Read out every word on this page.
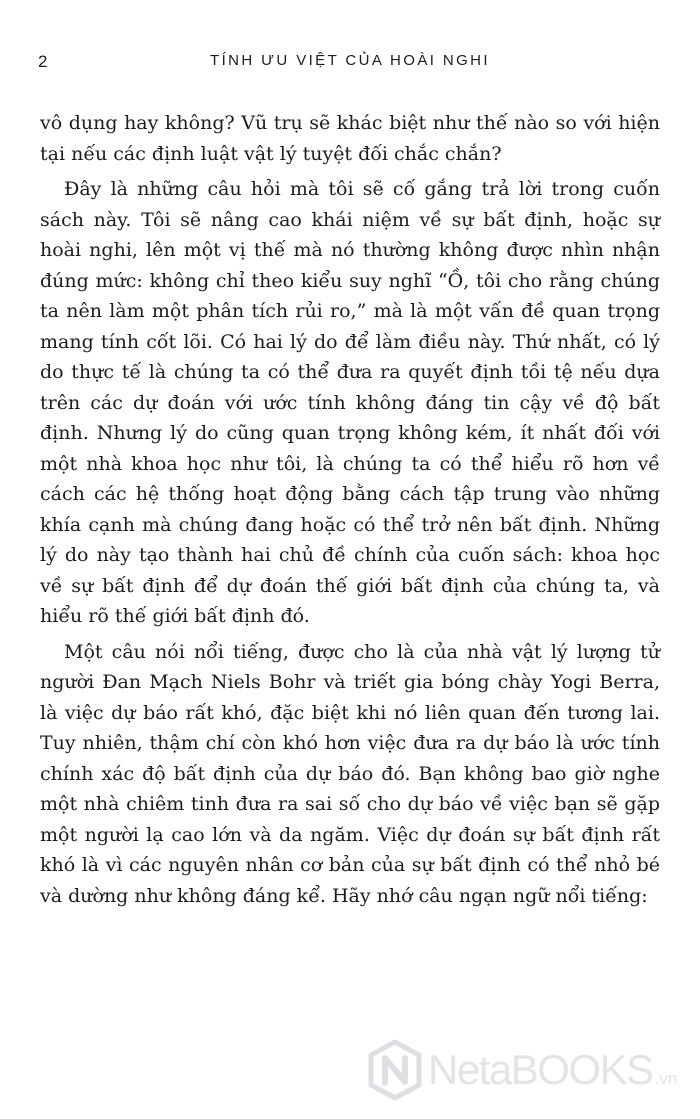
2	TÍNH ƯU VIỆT CỦA HOÀI NGHI

vô dụng hay không? Vũ trụ sẽ khác biệt như thế nào so với hiện tại nếu các định luật vật lý tuyệt đối chắc chắn?

Đây là những câu hỏi mà tôi sẽ cố gắng trả lời trong cuốn sách này. Tôi sẽ nâng cao khái niệm về sự bất định, hoặc sự hoài nghi, lên một vị thế mà nó thường không được nhìn nhận đúng mức: không chỉ theo kiểu suy nghĩ “Ồ, tôi cho rằng chúng ta nên làm một phân tích rủi ro,” mà là một vấn đề quan trọng mang tính cốt lõi. Có hai lý do để làm điều này. Thứ nhất, có lý do thực tế là chúng ta có thể đưa ra quyết định tồi tệ nếu dựa trên các dự đoán với ước tính không đáng tin cậy về độ bất định. Nhưng lý do cũng quan trọng không kém, ít nhất đối với một nhà khoa học như tôi, là chúng ta có thể hiểu rõ hơn về cách các hệ thống hoạt động bằng cách tập trung vào những khía cạnh mà chúng đang hoặc có thể trở nên bất định. Những lý do này tạo thành hai chủ đề chính của cuốn sách: khoa học về sự bất định để dự đoán thế giới bất định của chúng ta, và hiểu rõ thế giới bất định đó.

Một câu nói nổi tiếng, được cho là của nhà vật lý lượng tử người Đan Mạch Niels Bohr và triết gia bóng chày Yogi Berra, là việc dự báo rất khó, đặc biệt khi nó liên quan đến tương lai. Tuy nhiên, thậm chí còn khó hơn việc đưa ra dự báo là ước tính chính xác độ bất định của dự báo đó. Bạn không bao giờ nghe một nhà chiêm tinh đưa ra sai số cho dự báo về việc bạn sẽ gặp một người lạ cao lớn và da ngăm. Việc dự đoán sự bất định rất khó là vì các nguyên nhân cơ bản của sự bất định có thể nhỏ bé và dường như không đáng kể. Hãy nhớ câu ngạn ngữ nổi tiếng:

NetaBOOKS .vn
